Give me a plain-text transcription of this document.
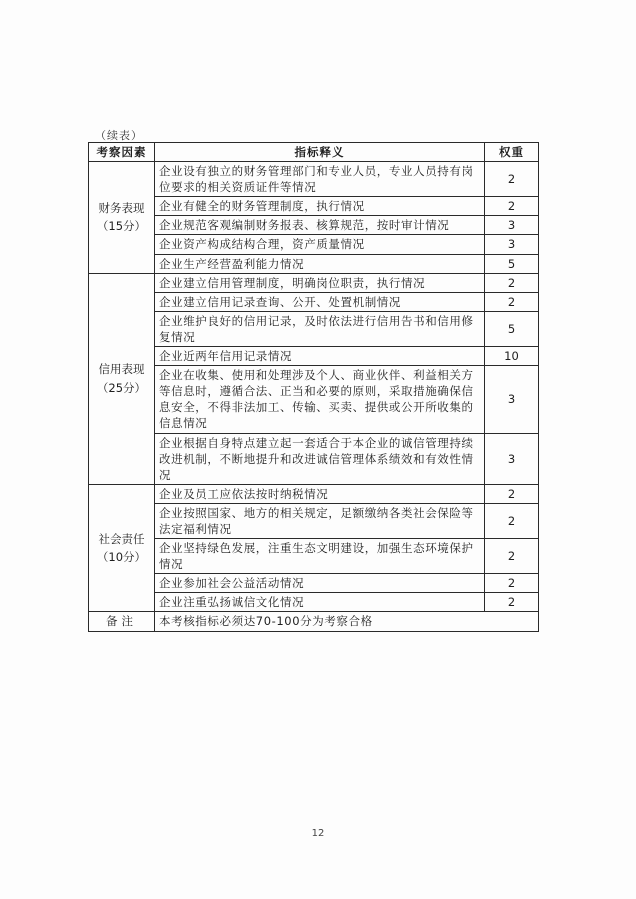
（续表）
考察因素	指标释义	权重

财务表现
（15分）	企业设有独立的财务管理部门和专业人员，专业人员持有岗位要求的相关资质证件等情况	2
	企业有健全的财务管理制度，执行情况	2
	企业规范客观编制财务报表、核算规范，按时审计情况	3
	企业资产构成结构合理，资产质量情况	3
	企业生产经营盈利能力情况	5

信用表现
（25分）	企业建立信用管理制度，明确岗位职责，执行情况	2
	企业建立信用记录查询、公开、处置机制情况	2
	企业维护良好的信用记录，及时依法进行信用告书和信用修复情况	5
	企业近两年信用记录情况	10
	企业在收集、使用和处理涉及个人、商业伙伴、利益相关方等信息时，遵循合法、正当和必要的原则，采取措施确保信息安全，不得非法加工、传输、买卖、提供或公开所收集的信息情况	3
	企业根据自身特点建立起一套适合于本企业的诚信管理持续改进机制，不断地提升和改进诚信管理体系绩效和有效性情况	3

社会责任
（10分）	企业及员工应依法按时纳税情况	2
	企业按照国家、地方的相关规定，足额缴纳各类社会保险等法定福利情况	2
	企业坚持绿色发展，注重生态文明建设，加强生态环境保护情况	2
	企业参加社会公益活动情况	2
	企业注重弘扬诚信文化情况	2
备注	本考核指标必须达70-100分为考察合格	
12
